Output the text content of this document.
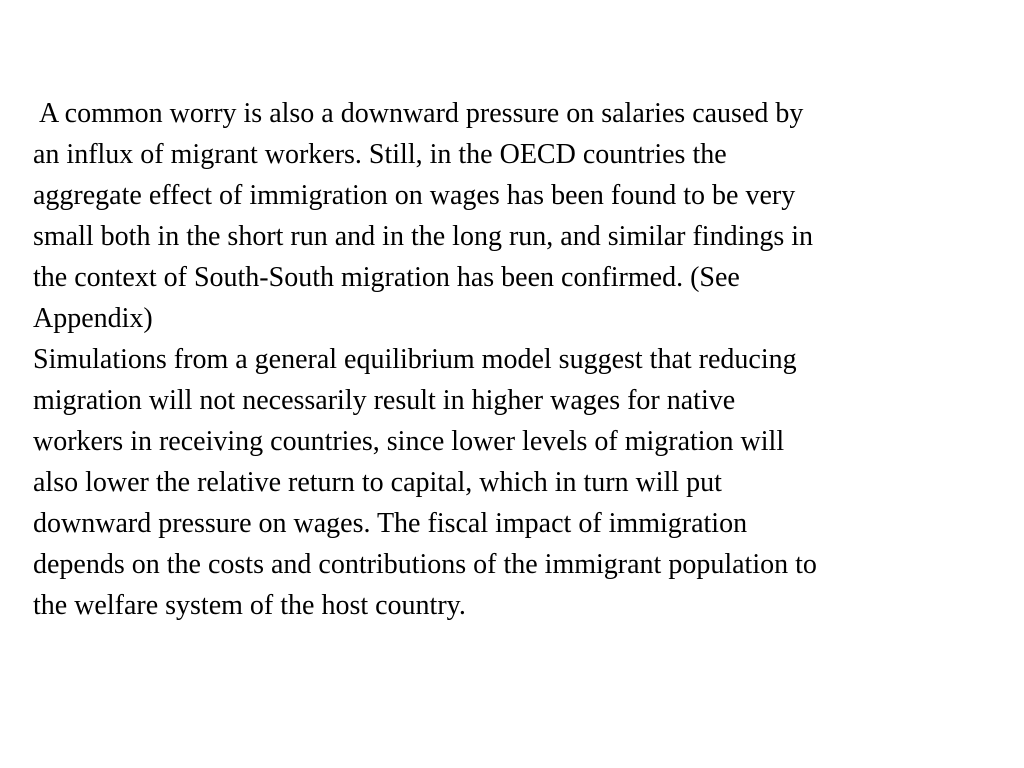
A common worry is also a downward pressure on salaries caused by
an influx of migrant workers. Still, in the OECD countries the
aggregate effect of immigration on wages has been found to be very
small both in the short run and in the long run, and similar findings in
the context of South-South migration has been confirmed. (See
Appendix)
Simulations from a general equilibrium model suggest that reducing
migration will not necessarily result in higher wages for native
workers in receiving countries, since lower levels of migration will
also lower the relative return to capital, which in turn will put
downward pressure on wages. The fiscal impact of immigration
depends on the costs and contributions of the immigrant population to
the welfare system of the host country.
